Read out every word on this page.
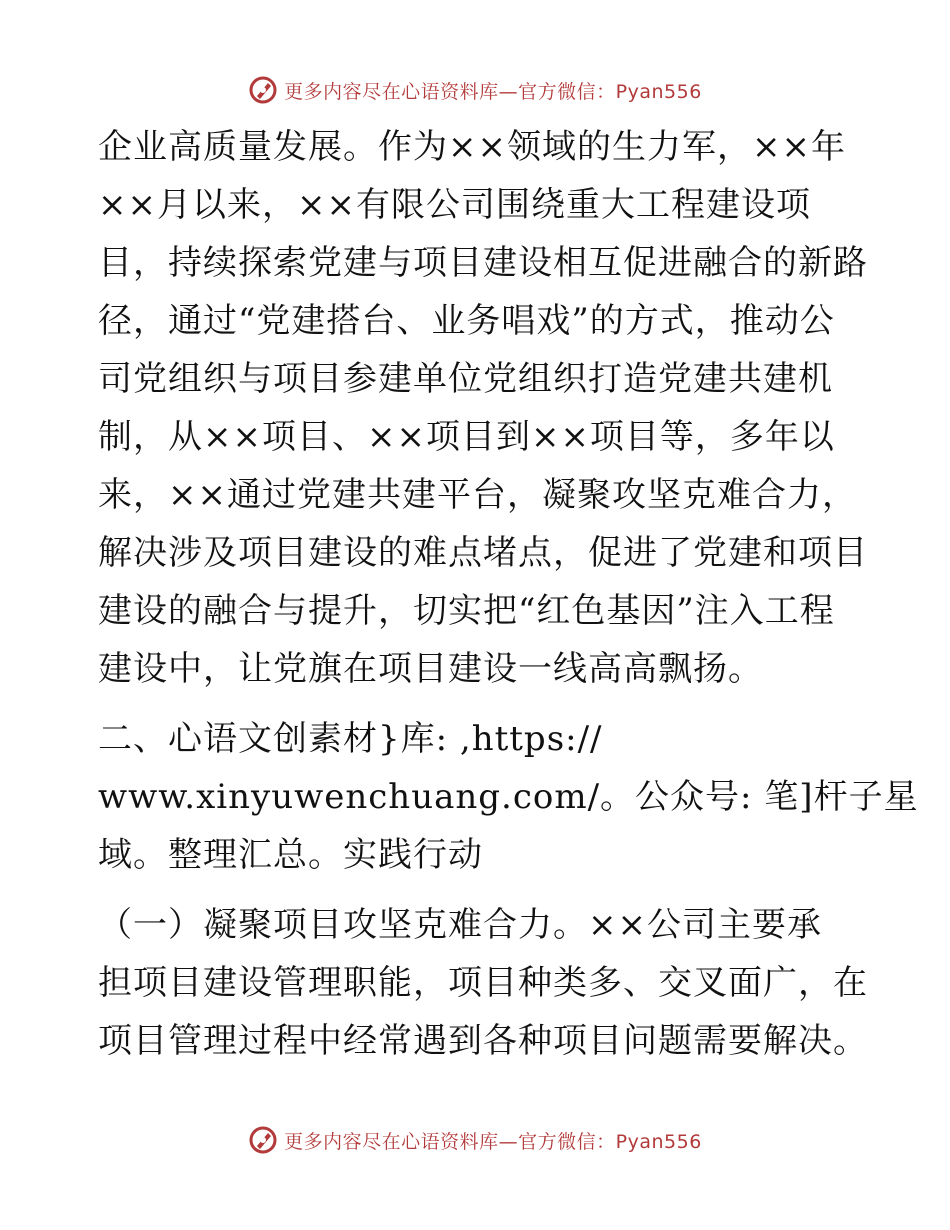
更多内容尽在心语资料库—官方微信：Pyan556
企业高质量发展。作为××领域的生力军，××年
××月以来，××有限公司围绕重大工程建设项
目，持续探索党建与项目建设相互促进融合的新路
径，通过“党建搭台、业务唱戏”的方式，推动公
司党组织与项目参建单位党组织打造党建共建机
制，从××项目、××项目到××项目等，多年以
来，××通过党建共建平台，凝聚攻坚克难合力，
解决涉及项目建设的难点堵点，促进了党建和项目
建设的融合与提升，切实把“红色基因”注入工程
建设中，让党旗在项目建设一线高高飘扬。
二、心语文创素材}库: ,https://
www.xinyuwenchuang.com/。公众号: 笔]杆子星
域。整理汇总。实践行动
（一）凝聚项目攻坚克难合力。××公司主要承
担项目建设管理职能，项目种类多、交叉面广，在
项目管理过程中经常遇到各种项目问题需要解决。
更多内容尽在心语资料库—官方微信：Pyan556
